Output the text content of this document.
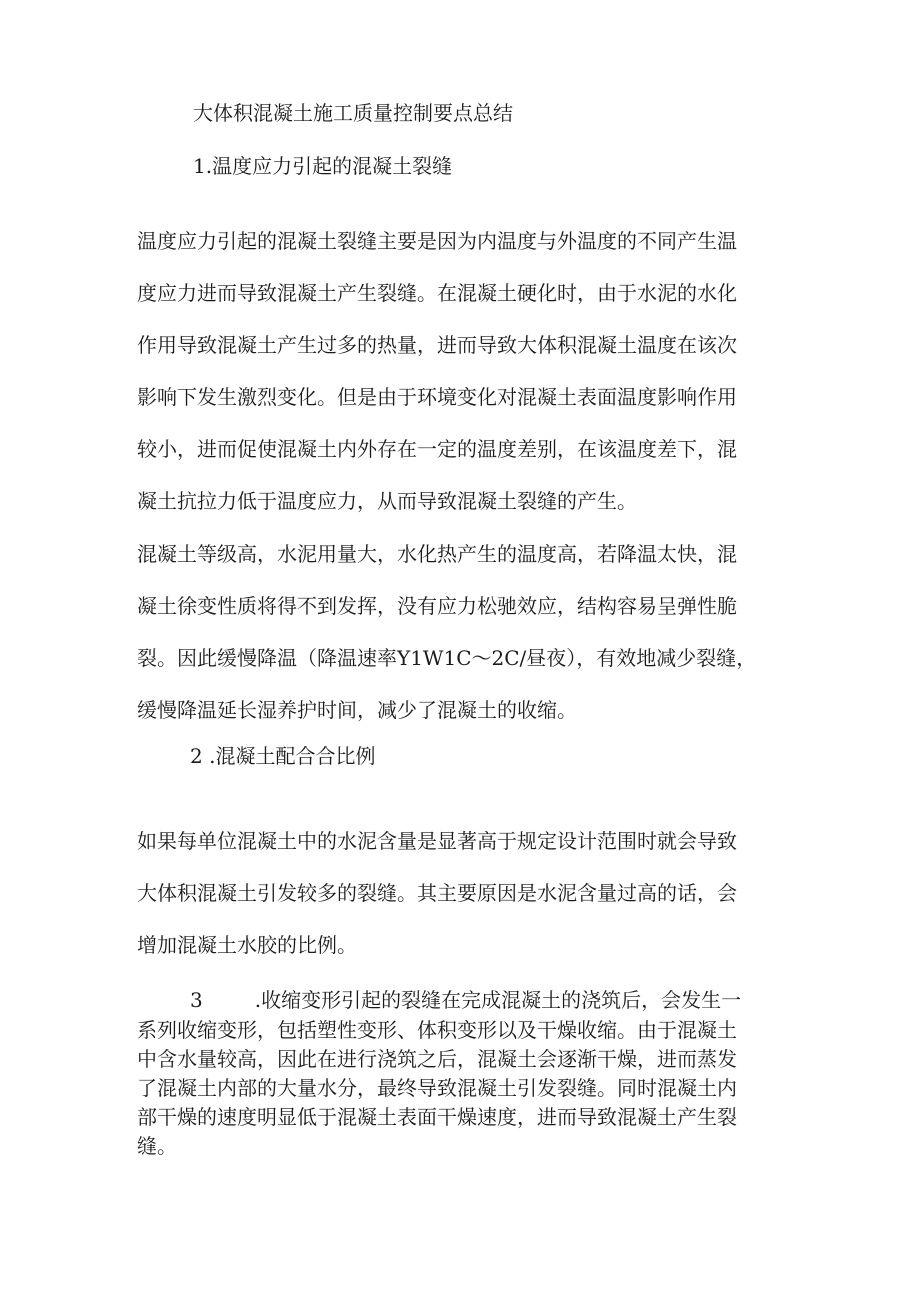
大体积混凝土施工质量控制要点总结
1.温度应力引起的混凝土裂缝
温度应力引起的混凝土裂缝主要是因为内温度与外温度的不同产生温
度应力进而导致混凝土产生裂缝。在混凝土硬化时，由于水泥的水化
作用导致混凝土产生过多的热量，进而导致大体积混凝土温度在该次
影响下发生激烈变化。但是由于环境变化对混凝土表面温度影响作用
较小，进而促使混凝土内外存在一定的温度差别，在该温度差下，混
凝土抗拉力低于温度应力，从而导致混凝土裂缝的产生。
混凝土等级高，水泥用量大，水化热产生的温度高，若降温太快，混
凝土徐变性质将得不到发挥，没有应力松驰效应，结构容易呈弹性脆
裂。因此缓慢降温（降温速率Y1W1C～2C/昼夜），有效地减少裂缝，
缓慢降温延长湿养护时间，减少了混凝土的收缩。
2 .混凝土配合合比例
如果每单位混凝土中的水泥含量是显著高于规定设计范围时就会导致
大体积混凝土引发较多的裂缝。其主要原因是水泥含量过高的话，会
增加混凝土水胶的比例。
3	.收缩变形引起的裂缝在完成混凝土的浇筑后，会发生一
系列收缩变形，包括塑性变形、体积变形以及干燥收缩。由于混凝土
中含水量较高，因此在进行浇筑之后，混凝土会逐渐干燥，进而蒸发
了混凝土内部的大量水分，最终导致混凝土引发裂缝。同时混凝土内
部干燥的速度明显低于混凝土表面干燥速度，进而导致混凝土产生裂
缝。
